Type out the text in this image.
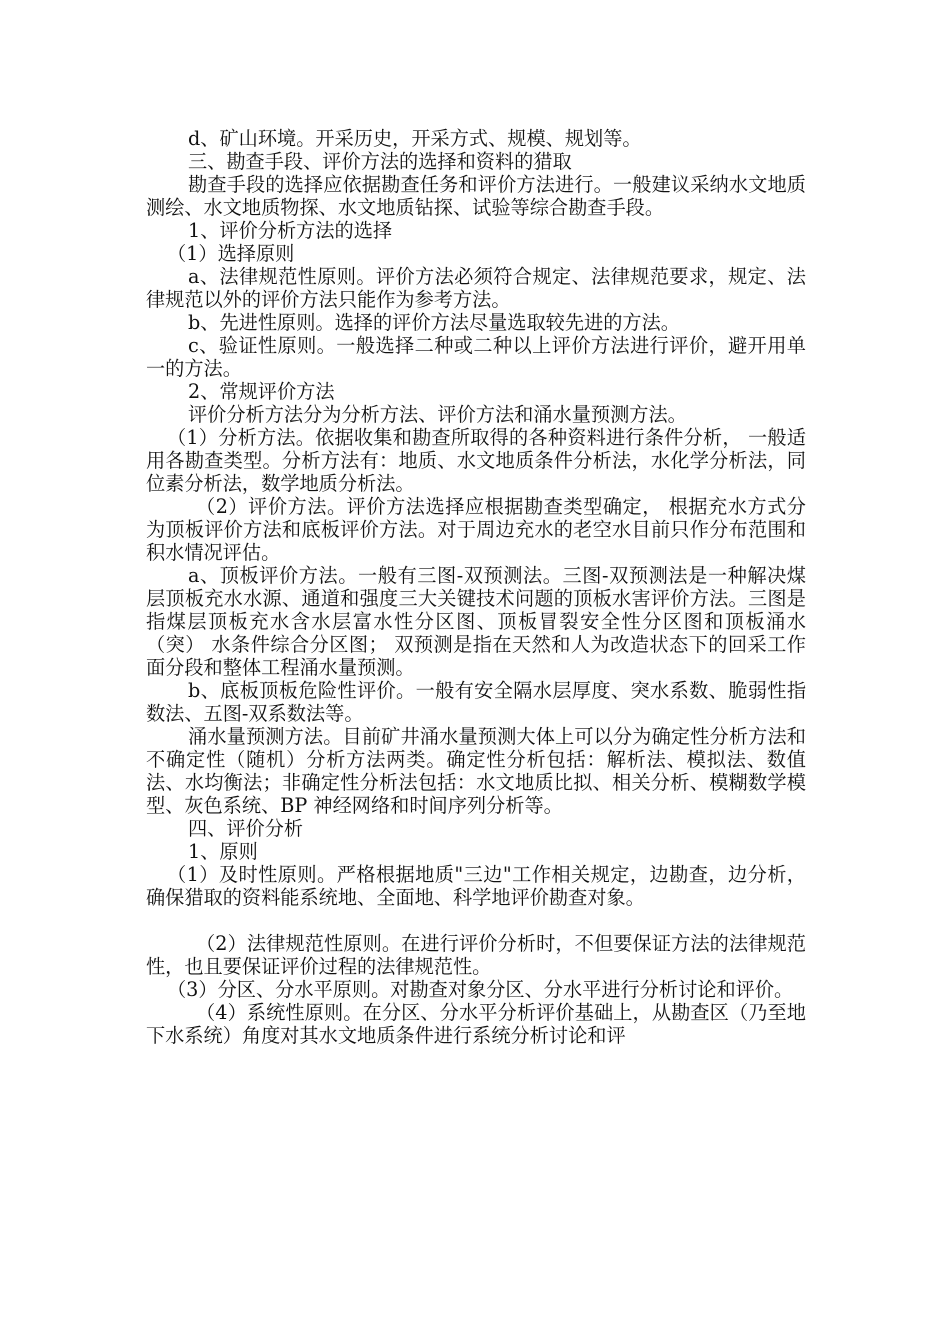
d、矿山环境。开采历史，开采方式、规模、规划等。

三、勘查手段、评价方法的选择和资料的猎取

勘查手段的选择应依据勘查任务和评价方法进行。一般建议采纳水文地质测绘、水文地质物探、水文地质钻探、试验等综合勘查手段。

1、评价分析方法的选择

（1）选择原则

a、法律规范性原则。评价方法必须符合规定、法律规范要求，规定、法律规范以外的评价方法只能作为参考方法。

b、先进性原则。选择的评价方法尽量选取较先进的方法。

c、验证性原则。一般选择二种或二种以上评价方法进行评价，避开用单一的方法。

2、常规评价方法

评价分析方法分为分析方法、评价方法和涌水量预测方法。

（1）分析方法。依据收集和勘查所取得的各种资料进行条件分析， 一般适用各勘查类型。分析方法有：地质、水文地质条件分析法，水化学分析法，同位素分析法，数学地质分析法。

（2）评价方法。评价方法选择应根据勘查类型确定， 根据充水方式分为顶板评价方法和底板评价方法。对于周边充水的老空水目前只作分布范围和积水情况评估。

a、顶板评价方法。一般有三图-双预测法。三图-双预测法是一种解决煤层顶板充水水源、通道和强度三大关键技术问题的顶板水害评价方法。三图是指煤层顶板充水含水层富水性分区图、顶板冒裂安全性分区图和顶板涌水（突） 水条件综合分区图； 双预测是指在天然和人为改造状态下的回采工作面分段和整体工程涌水量预测。

b、底板顶板危险性评价。一般有安全隔水层厚度、突水系数、脆弱性指数法、五图-双系数法等。

涌水量预测方法。目前矿井涌水量预测大体上可以分为确定性分析方法和不确定性（随机）分析方法两类。确定性分析包括：解析法、模拟法、数值法、水均衡法；非确定性分析法包括：水文地质比拟、相关分析、模糊数学模型、灰色系统、BP 神经网络和时间序列分析等。

四、评价分析

1、原则

（1）及时性原则。严格根据地质"三边"工作相关规定，边勘查，边分析，确保猎取的资料能系统地、全面地、科学地评价勘查对象。

（2）法律规范性原则。在进行评价分析时，不但要保证方法的法律规范性，也且要保证评价过程的法律规范性。

（3）分区、分水平原则。对勘查对象分区、分水平进行分析讨论和评价。

（4）系统性原则。在分区、分水平分析评价基础上，从勘查区（乃至地下水系统）角度对其水文地质条件进行系统分析讨论和评
